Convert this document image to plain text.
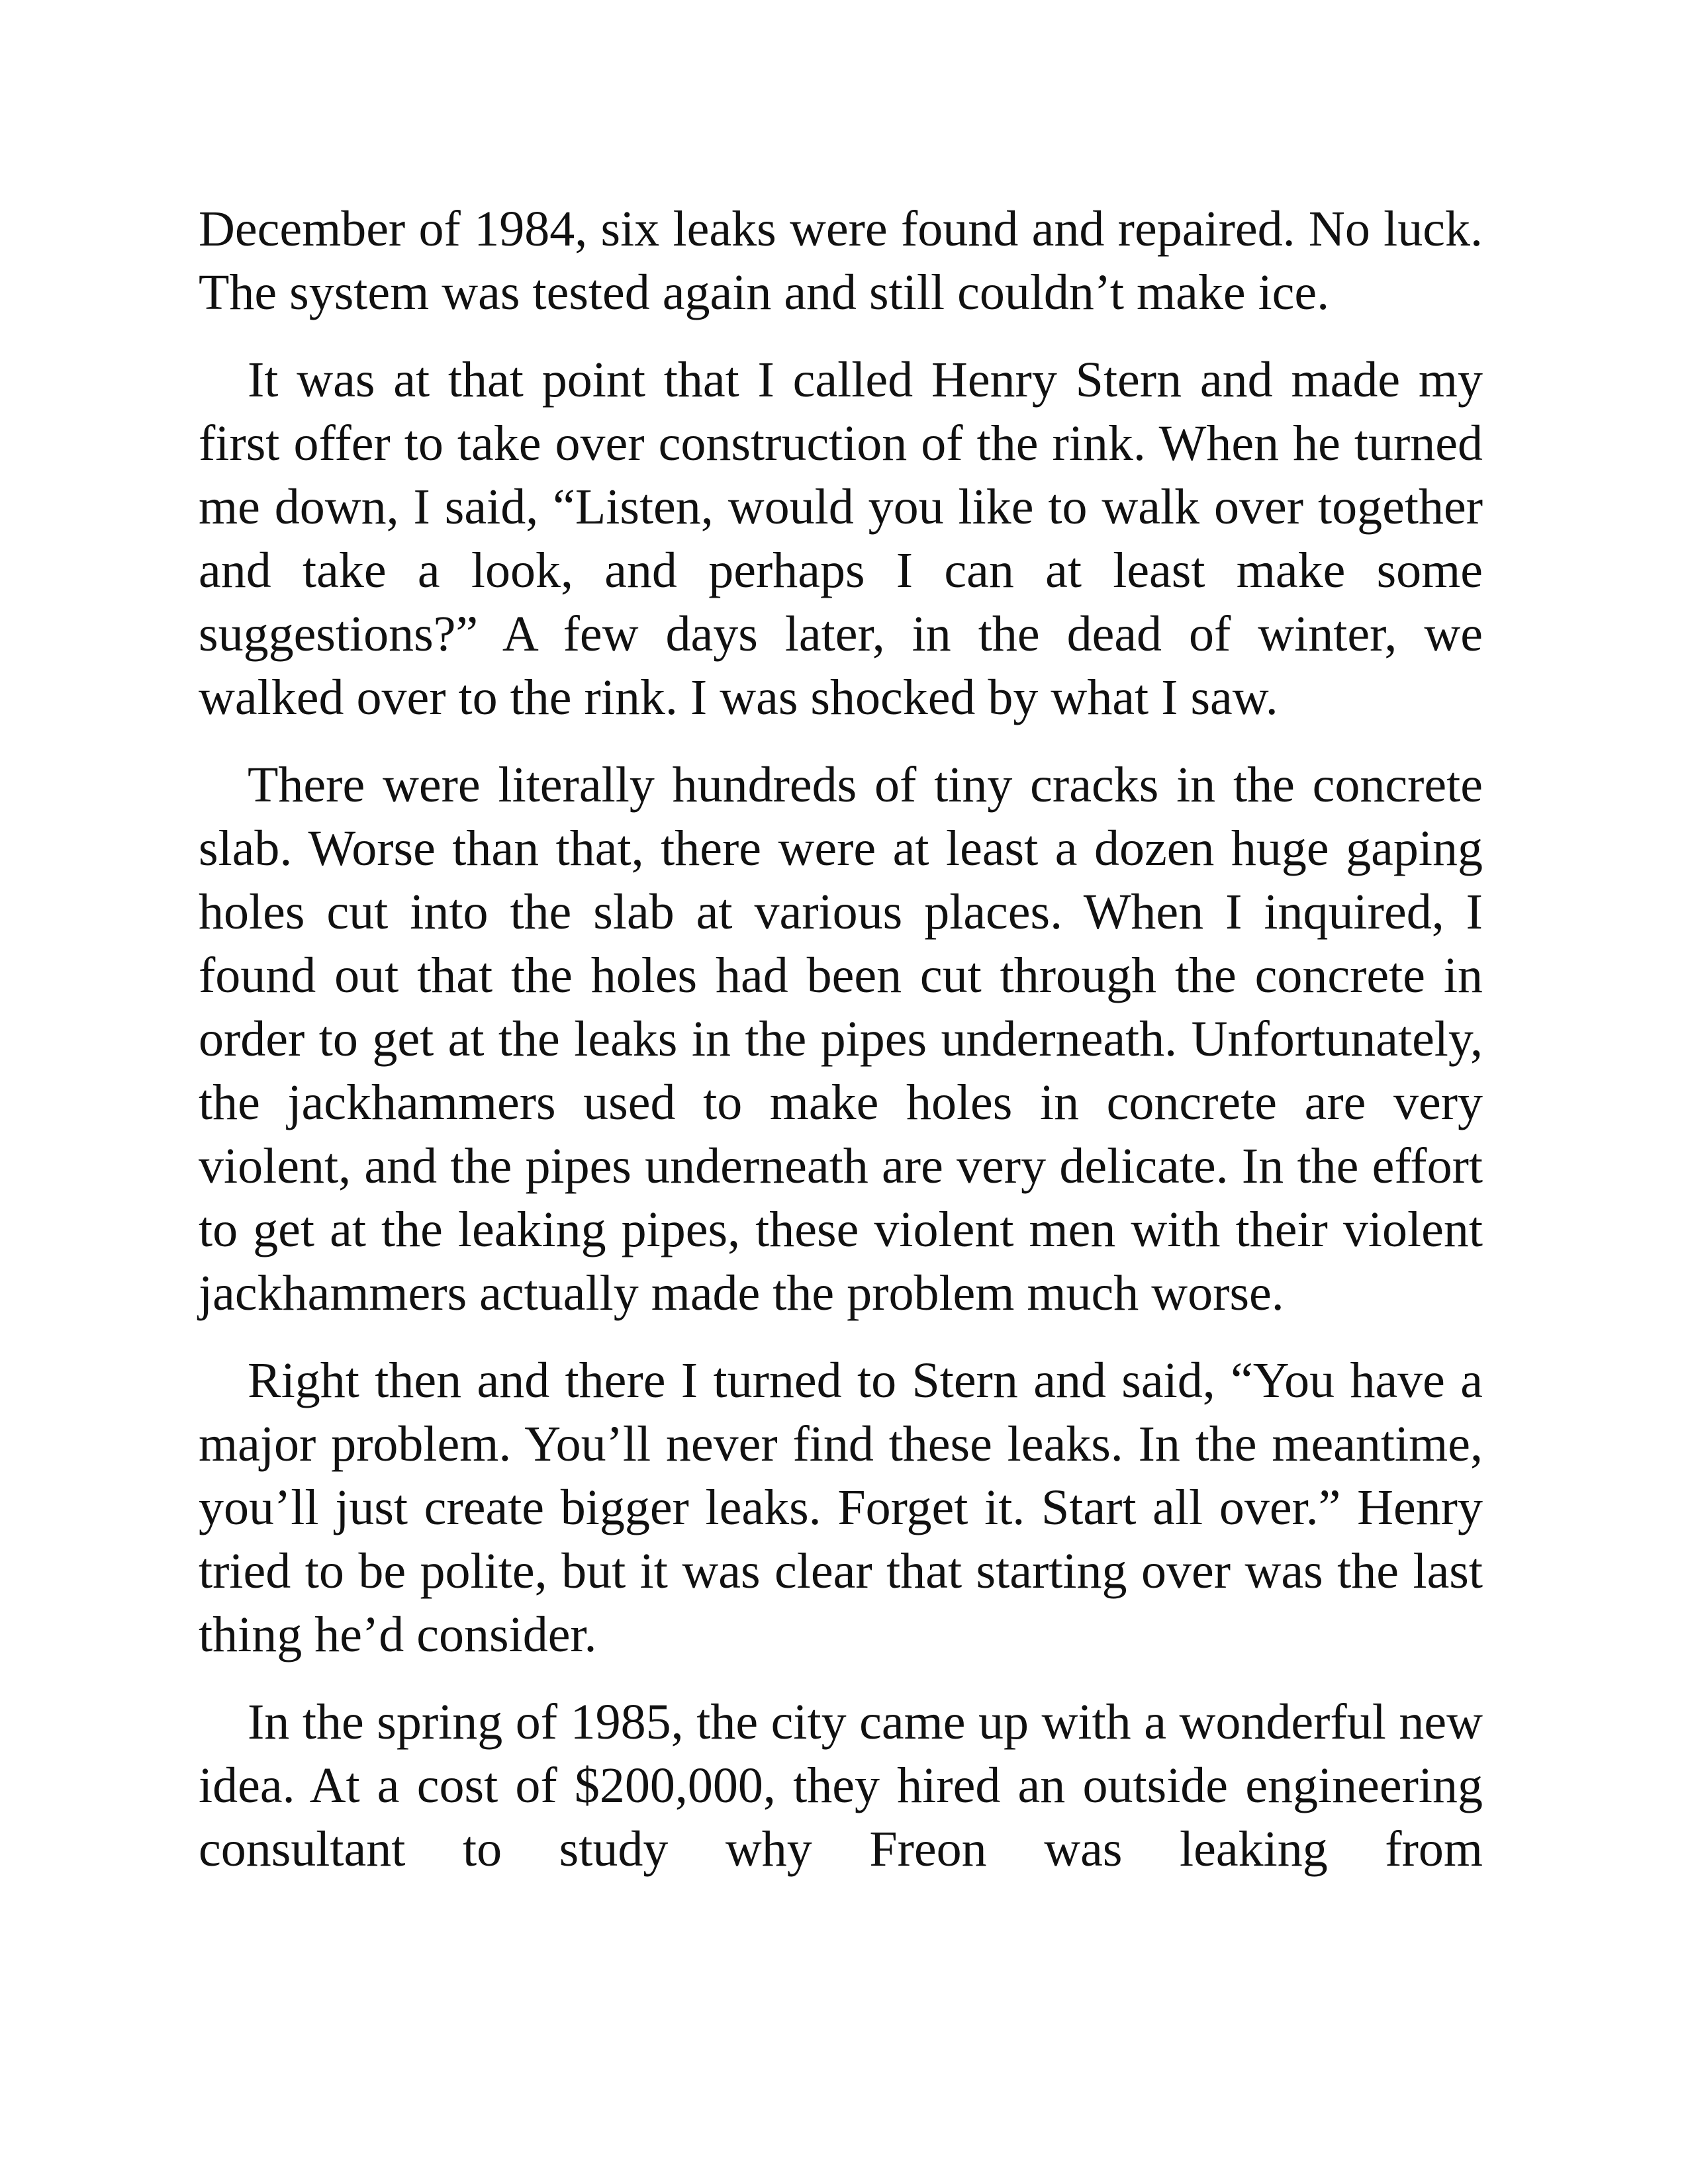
December of 1984, six leaks were found and repaired. No luck. The system was tested again and still couldn’t make ice.

It was at that point that I called Henry Stern and made my first offer to take over construction of the rink. When he turned me down, I said, “Listen, would you like to walk over together and take a look, and perhaps I can at least make some suggestions?” A few days later, in the dead of winter, we walked over to the rink. I was shocked by what I saw.

There were literally hundreds of tiny cracks in the concrete slab. Worse than that, there were at least a dozen huge gaping holes cut into the slab at various places. When I inquired, I found out that the holes had been cut through the concrete in order to get at the leaks in the pipes underneath. Unfortunately, the jackhammers used to make holes in concrete are very violent, and the pipes underneath are very delicate. In the effort to get at the leaking pipes, these violent men with their violent jackhammers actually made the problem much worse.

Right then and there I turned to Stern and said, “You have a major problem. You’ll never find these leaks. In the meantime, you’ll just create bigger leaks. Forget it. Start all over.” Henry tried to be polite, but it was clear that starting over was the last thing he’d consider.

In the spring of 1985, the city came up with a wonderful new idea. At a cost of $200,000, they hired an outside engineering consultant to study why Freon was leaking from
